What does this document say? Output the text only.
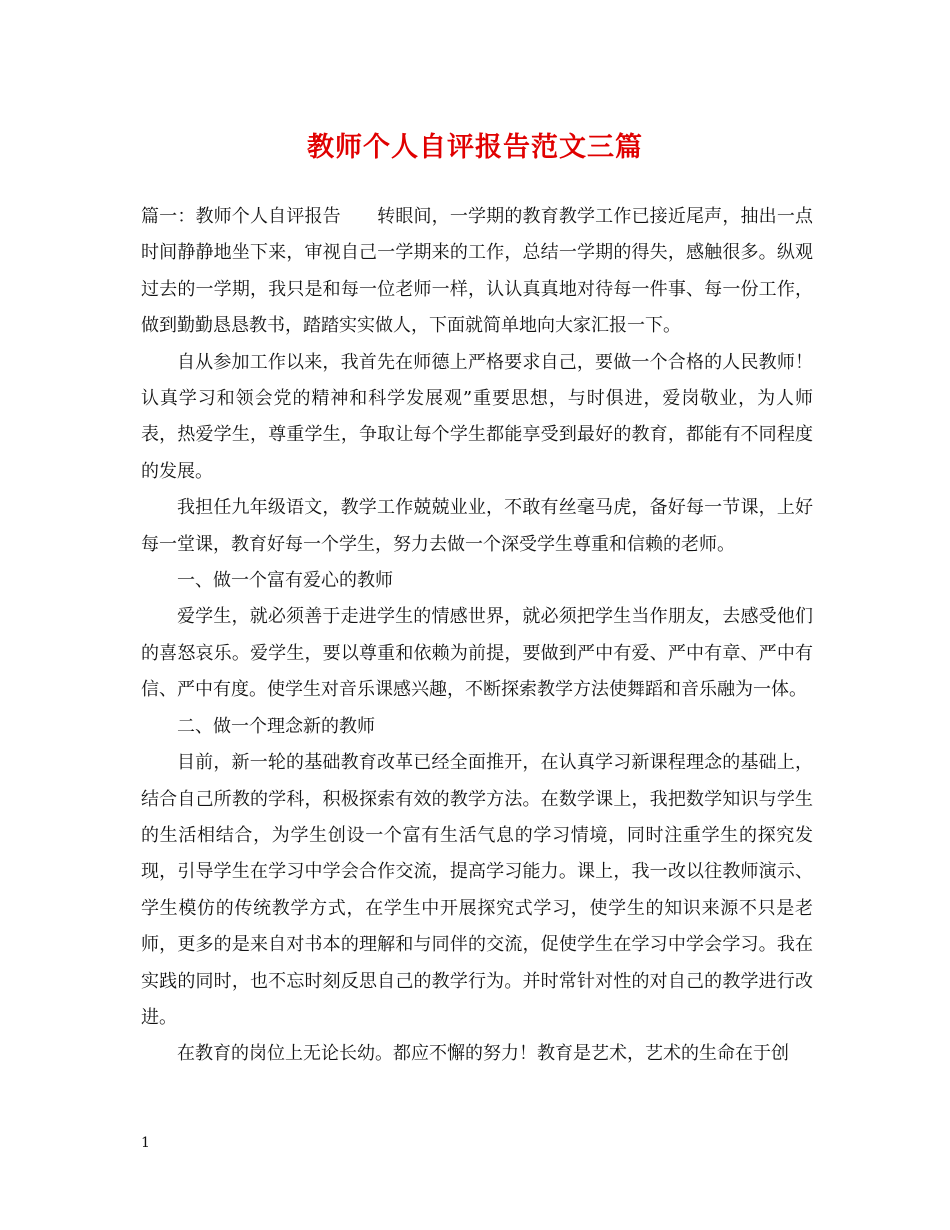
教师个人自评报告范文三篇

篇一：教师个人自评报告　　转眼间，一学期的教育教学工作已接近尾声，抽出一点时间静静地坐下来，审视自己一学期来的工作，总结一学期的得失，感触很多。纵观过去的一学期，我只是和每一位老师一样，认认真真地对待每一件事、每一份工作，做到勤勤恳恳教书，踏踏实实做人，下面就简单地向大家汇报一下。

自从参加工作以来，我首先在师德上严格要求自己，要做一个合格的人民教师！认真学习和领会党的精神和科学发展观”重要思想，与时俱进，爱岗敬业，为人师表，热爱学生，尊重学生，争取让每个学生都能享受到最好的教育，都能有不同程度的发展。

我担任九年级语文，教学工作兢兢业业，不敢有丝毫马虎，备好每一节课，上好每一堂课，教育好每一个学生，努力去做一个深受学生尊重和信赖的老师。

一、做一个富有爱心的教师

爱学生，就必须善于走进学生的情感世界，就必须把学生当作朋友，去感受他们的喜怒哀乐。爱学生，要以尊重和依赖为前提，要做到严中有爱、严中有章、严中有信、严中有度。使学生对音乐课感兴趣，不断探索教学方法使舞蹈和音乐融为一体。

二、做一个理念新的教师

目前，新一轮的基础教育改革已经全面推开，在认真学习新课程理念的基础上，结合自己所教的学科，积极探索有效的教学方法。在数学课上，我把数学知识与学生的生活相结合，为学生创设一个富有生活气息的学习情境，同时注重学生的探究发现，引导学生在学习中学会合作交流，提高学习能力。课上，我一改以往教师演示、学生模仿的传统教学方式，在学生中开展探究式学习，使学生的知识来源不只是老师，更多的是来自对书本的理解和与同伴的交流，促使学生在学习中学会学习。我在实践的同时，也不忘时刻反思自己的教学行为。并时常针对性的对自己的教学进行改进。

在教育的岗位上无论长幼。都应不懈的努力！教育是艺术，艺术的生命在于创

1
